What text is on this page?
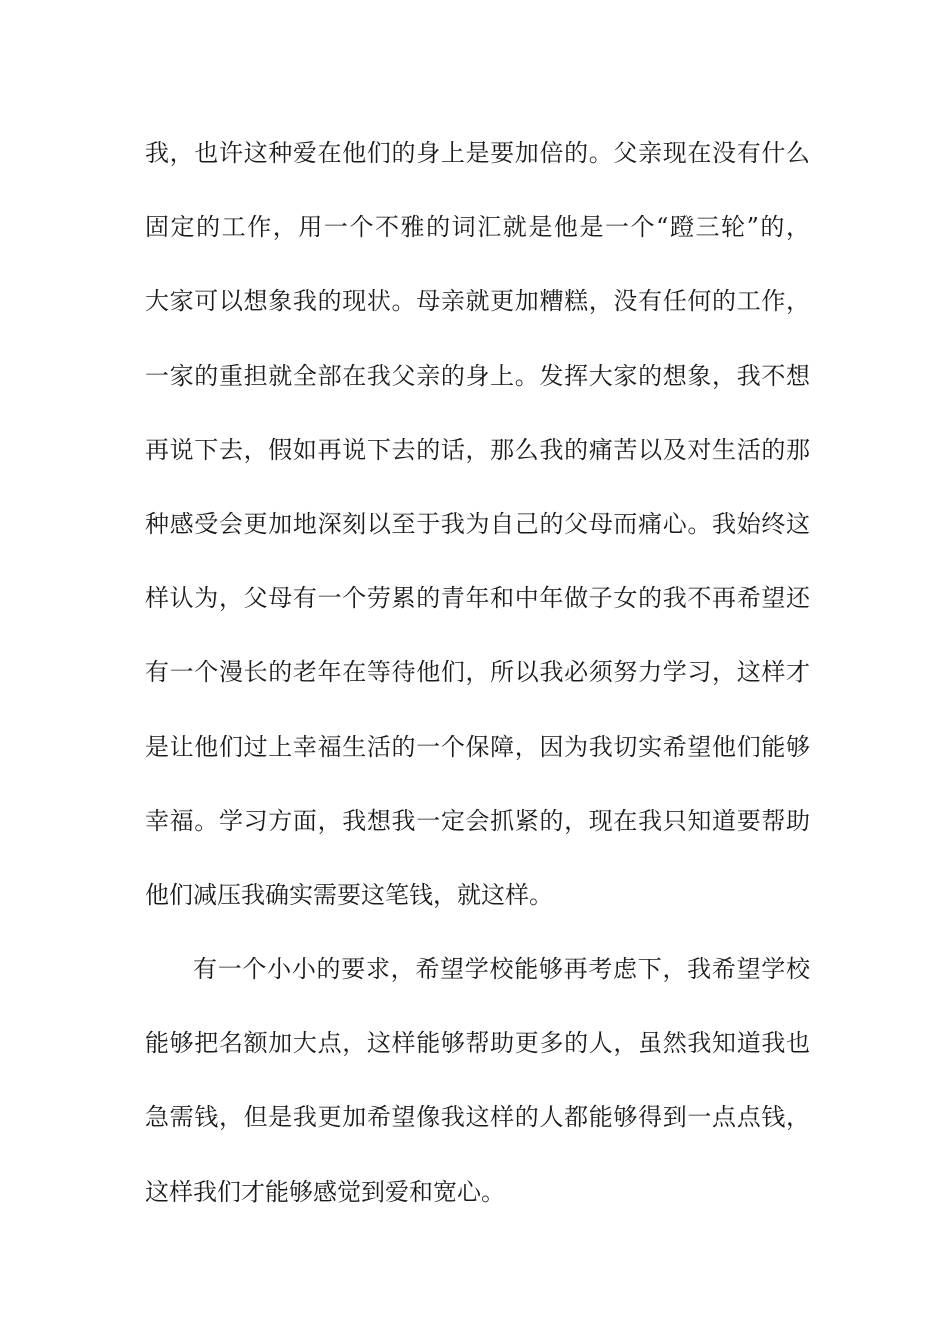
我，也许这种爱在他们的身上是要加倍的。父亲现在没有什么
固定的工作，用一个不雅的词汇就是他是一个“蹬三轮”的，
大家可以想象我的现状。母亲就更加糟糕，没有任何的工作，
一家的重担就全部在我父亲的身上。发挥大家的想象，我不想
再说下去，假如再说下去的话，那么我的痛苦以及对生活的那
种感受会更加地深刻以至于我为自己的父母而痛心。我始终这
样认为，父母有一个劳累的青年和中年做子女的我不再希望还
有一个漫长的老年在等待他们，所以我必须努力学习，这样才
是让他们过上幸福生活的一个保障，因为我切实希望他们能够
幸福。学习方面，我想我一定会抓紧的，现在我只知道要帮助
他们减压我确实需要这笔钱，就这样。
有一个小小的要求，希望学校能够再考虑下，我希望学校
能够把名额加大点，这样能够帮助更多的人，虽然我知道我也
急需钱，但是我更加希望像我这样的人都能够得到一点点钱，
这样我们才能够感觉到爱和宽心。
